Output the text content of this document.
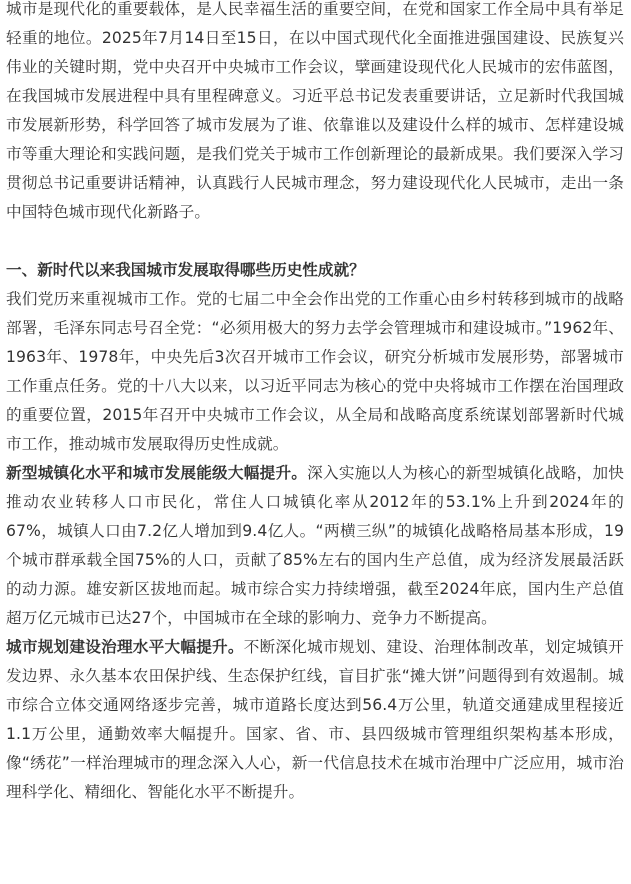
城市是现代化的重要载体，是人民幸福生活的重要空间，在党和国家工作全局中具有举足轻重的地位。2025年7月14日至15日，在以中国式现代化全面推进强国建设、民族复兴伟业的关键时期，党中央召开中央城市工作会议，擘画建设现代化人民城市的宏伟蓝图，在我国城市发展进程中具有里程碑意义。习近平总书记发表重要讲话，立足新时代我国城市发展新形势，科学回答了城市发展为了谁、依靠谁以及建设什么样的城市、怎样建设城市等重大理论和实践问题，是我们党关于城市工作创新理论的最新成果。我们要深入学习贯彻总书记重要讲话精神，认真践行人民城市理念，努力建设现代化人民城市，走出一条中国特色城市现代化新路子。

一、新时代以来我国城市发展取得哪些历史性成就？

我们党历来重视城市工作。党的七届二中全会作出党的工作重心由乡村转移到城市的战略部署，毛泽东同志号召全党：“必须用极大的努力去学会管理城市和建设城市。”1962年、1963年、1978年，中央先后3次召开城市工作会议，研究分析城市发展形势，部署城市工作重点任务。党的十八大以来，以习近平同志为核心的党中央将城市工作摆在治国理政的重要位置，2015年召开中央城市工作会议，从全局和战略高度系统谋划部署新时代城市工作，推动城市发展取得历史性成就。

新型城镇化水平和城市发展能级大幅提升。深入实施以人为核心的新型城镇化战略，加快推动农业转移人口市民化，常住人口城镇化率从2012年的53.1%上升到2024年的67%，城镇人口由7.2亿人增加到9.4亿人。“两横三纵”的城镇化战略格局基本形成，19个城市群承载全国75%的人口，贡献了85%左右的国内生产总值，成为经济发展最活跃的动力源。雄安新区拔地而起。城市综合实力持续增强，截至2024年底，国内生产总值超万亿元城市已达27个，中国城市在全球的影响力、竞争力不断提高。

城市规划建设治理水平大幅提升。不断深化城市规划、建设、治理体制改革，划定城镇开发边界、永久基本农田保护线、生态保护红线，盲目扩张“摊大饼”问题得到有效遏制。城市综合立体交通网络逐步完善，城市道路长度达到56.4万公里，轨道交通建成里程接近1.1万公里，通勤效率大幅提升。国家、省、市、县四级城市管理组织架构基本形成，像“绣花”一样治理城市的理念深入人心，新一代信息技术在城市治理中广泛应用，城市治理科学化、精细化、智能化水平不断提升。
